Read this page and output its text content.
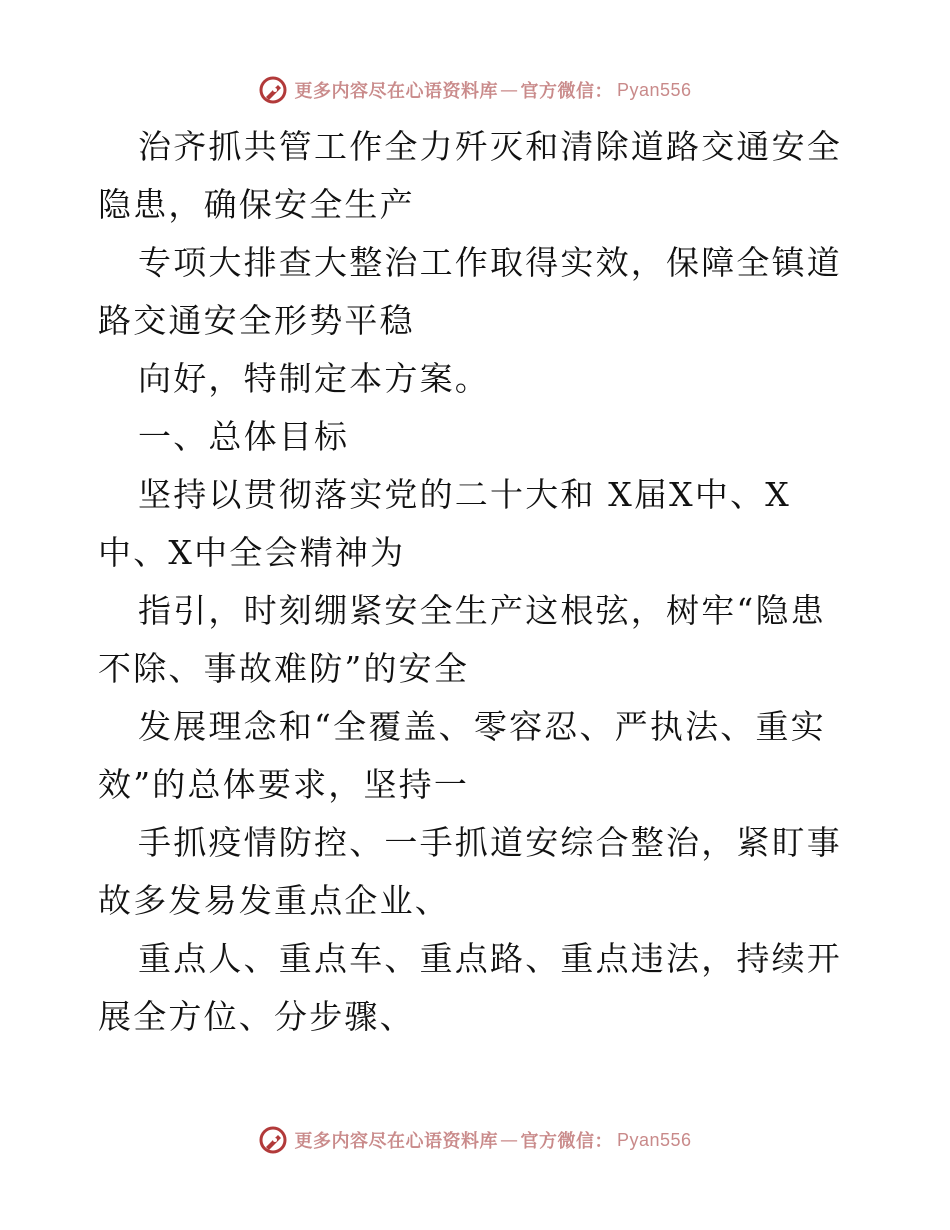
更多内容尽在心语资料库 — 官方微信： Pyan556

治齐抓共管工作全力歼灭和清除道路交通安全隐患，确保安全生产

专项大排查大整治工作取得实效，保障全镇道路交通安全形势平稳

向好，特制定本方案。

一、总体目标

坚持以贯彻落实党的二十大和 X届X中、X中、X中全会精神为

指引，时刻绷紧安全生产这根弦，树牢“隐患不除、事故难防”的安全

发展理念和“全覆盖、零容忍、严执法、重实效”的总体要求，坚持一

手抓疫情防控、一手抓道安综合整治，紧盯事故多发易发重点企业、

重点人、重点车、重点路、重点违法，持续开展全方位、分步骤、

更多内容尽在心语资料库 — 官方微信： Pyan556
